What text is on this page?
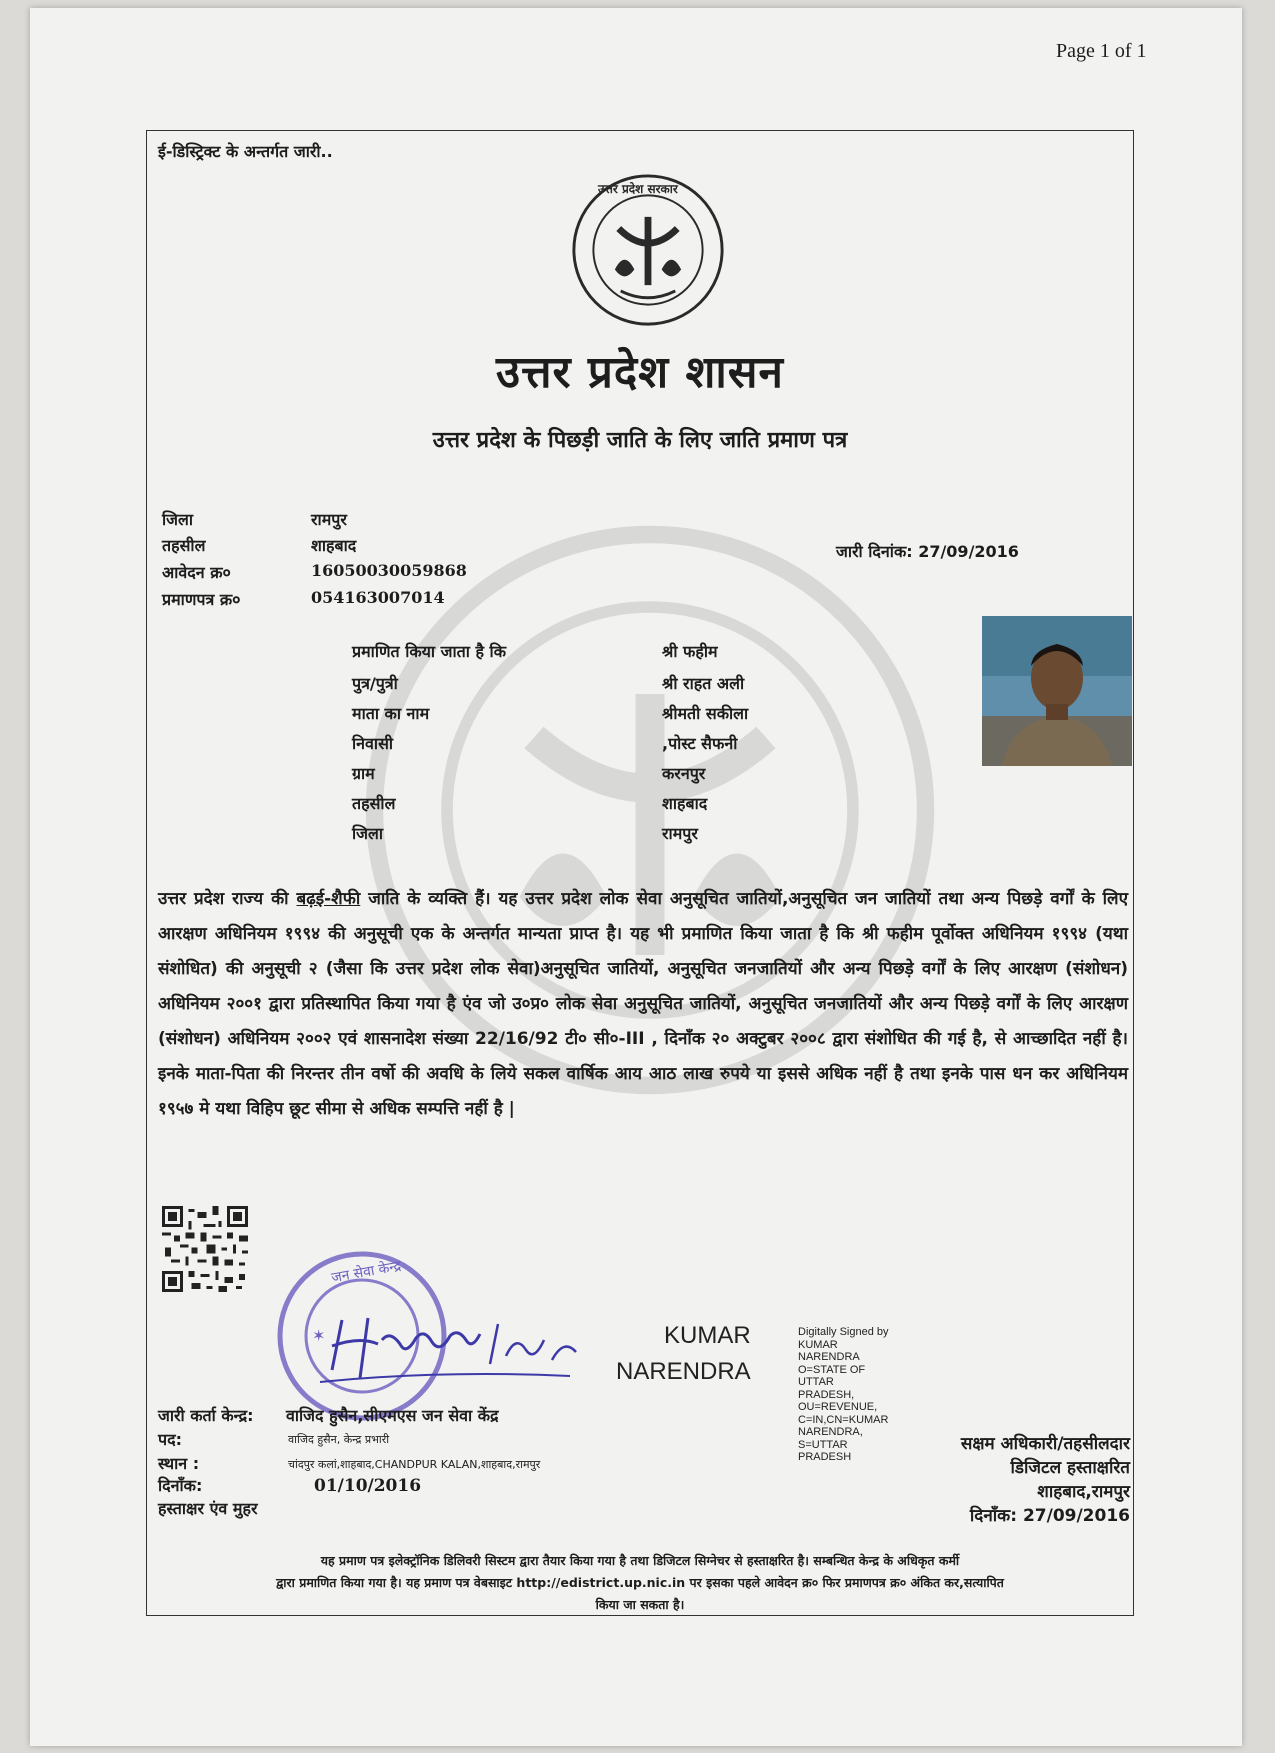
Page 1 of 1
ई-डिस्ट्रिक्ट के अन्तर्गत जारी..
उत्तर प्रदेश सरकार
उत्तर प्रदेश शासन
उत्तर प्रदेश के पिछड़ी जाति के लिए जाति प्रमाण पत्र
जिला	रामपुर
तहसील	शाहबाद
आवेदन क्र०	16050030059868
प्रमाणपत्र क्र०	054163007014
जारी दिनांक: 27/09/2016
प्रमाणित किया जाता है कि	श्री फहीम
पुत्र/पुत्री	श्री राहत अली
माता का नाम	श्रीमती सकीला
निवासी	,पोस्ट सैफनी
ग्राम	करनपुर
तहसील	शाहबाद
जिला	रामपुर
उत्तर प्रदेश राज्य की बढ़ई-शैफी जाति के व्यक्ति हैं। यह उत्तर प्रदेश लोक सेवा अनुसूचित जातियों,अनुसूचित जन जातियों तथा अन्य पिछड़े वर्गों के लिए आरक्षण अधिनियम १९९४ की अनुसूची एक के अन्तर्गत मान्यता प्राप्त है। यह भी प्रमाणित किया जाता है कि श्री फहीम पूर्वोक्त अधिनियम १९९४ (यथा संशोधित) की अनुसूची २ (जैसा कि उत्तर प्रदेश लोक सेवा)अनुसूचित जातियों, अनुसूचित जनजातियों और अन्य पिछड़े वर्गों के लिए आरक्षण (संशोधन) अधिनियम २००१ द्वारा प्रतिस्थापित किया गया है एंव जो उ०प्र० लोक सेवा अनुसूचित जातियों, अनुसूचित जनजातियों और अन्य पिछड़े वर्गों के लिए आरक्षण (संशोधन) अधिनियम २००२ एवं शासनादेश संख्या 22/16/92 टी० सी०-III , दिनाँक २० अक्टुबर २००८ द्वारा संशोधित की गई है, से आच्छादित नहीं है।इनके माता-पिता की निरन्तर तीन वर्षो की अवधि के लिये सकल वार्षिक आय आठ लाख रुपये या इससे अधिक नहीं है तथा इनके पास धन कर अधिनियम १९५७ मे यथा विहिप छूट सीमा से अधिक सम्पत्ति नहीं है |
जन सेवा केन्द्र
✶	KUMAR
NARENDRA
Digitally Signed by
KUMAR
NARENDRA
O=STATE OF
UTTAR
PRADESH,
OU=REVENUE,
C=IN,CN=KUMAR
NARENDRA,
S=UTTAR
PRADESH
जारी कर्ता केन्द्र: वाजिद हुसैन,सीएमएस जन सेवा केंद्र
पद:	वाजिद हुसैन, केन्द्र प्रभारी
स्थान :	चांदपुर कलां,शाहबाद,CHANDPUR KALAN,शाहबाद,रामपुर
दिनाँक:	01/10/2016
हस्ताक्षर एंव मुहर
सक्षम अधिकारी/तहसीलदार
डिजिटल हस्ताक्षरित
शाहबाद,रामपुर
दिनाँक: 27/09/2016
यह प्रमाण पत्र इलेक्ट्रॉनिक डिलिवरी सिस्टम द्वारा तैयार किया गया है तथा डिजिटल सिग्नेचर से हस्ताक्षरित है। सम्बन्धित केन्द्र के अधिकृत कर्मी
द्वारा प्रमाणित किया गया है। यह प्रमाण पत्र वेबसाइट http://edistrict.up.nic.in पर इसका पहले आवेदन क्र० फिर प्रमाणपत्र क्र० अंकित कर,सत्यापित
किया जा सकता है।
